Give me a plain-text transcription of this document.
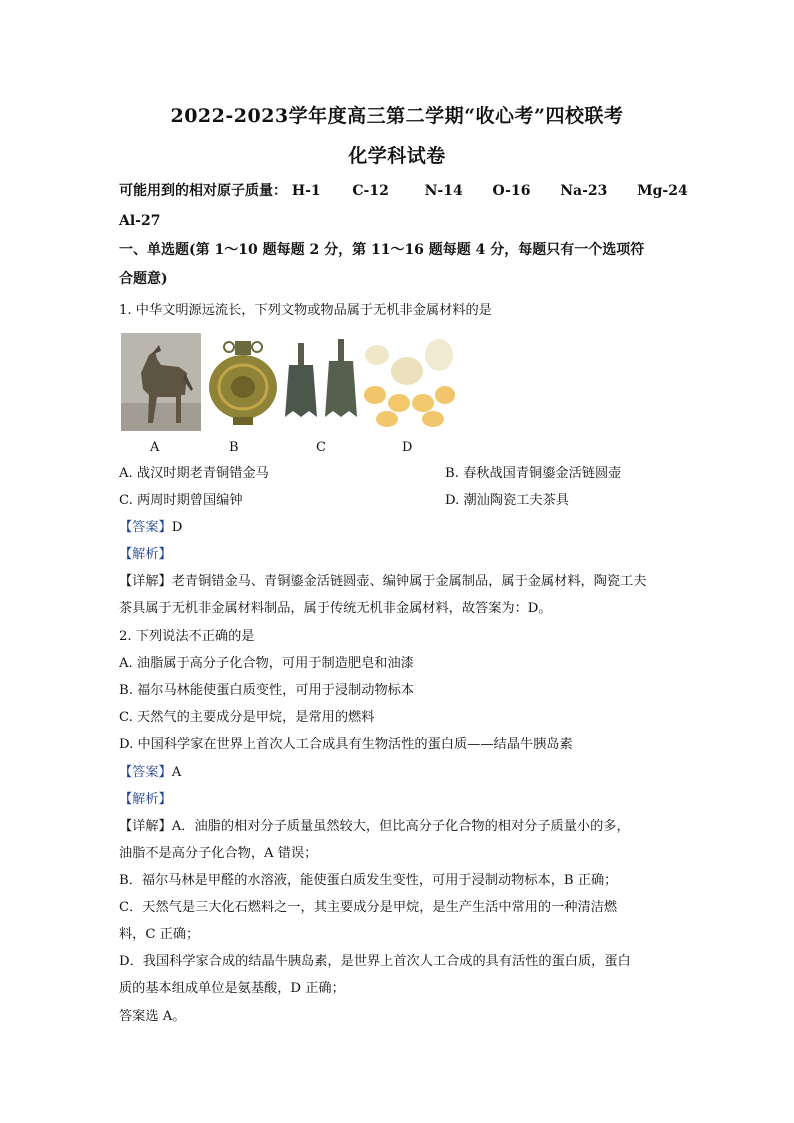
2022-2023学年度高三第二学期“收心考”四校联考
化学科试卷
可能用到的相对原子质量： H-1 C-12	N-14 O-16 Na-23 Mg-24
Al-27
一、单选题(第 1～10 题每题 2 分，第 11～16 题每题 4 分，每题只有一个选项符
合题意)
1. 中华文明源远流长，下列文物或物品属于无机非金属材料的是
A	B	C	D
A. 战汉时期老青铜错金马	B. 春秋战国青铜鎏金活链圆壶
C. 两周时期曾国编钟	D. 潮汕陶瓷工夫茶具
【答案】D
【解析】
【详解】老青铜错金马、青铜鎏金活链圆壶、编钟属于金属制品，属于金属材料，陶瓷工夫
茶具属于无机非金属材料制品，属于传统无机非金属材料，故答案为：D。
2. 下列说法不正确的是
A. 油脂属于高分子化合物，可用于制造肥皂和油漆
B. 福尔马林能使蛋白质变性，可用于浸制动物标本
C. 天然气的主要成分是甲烷，是常用的燃料
D. 中国科学家在世界上首次人工合成具有生物活性的蛋白质——结晶牛胰岛素
【答案】A
【解析】
【详解】A．油脂的相对分子质量虽然较大，但比高分子化合物的相对分子质量小的多，
油脂不是高分子化合物，A 错误；
B．福尔马林是甲醛的水溶液，能使蛋白质发生变性，可用于浸制动物标本，B 正确；
C．天然气是三大化石燃料之一，其主要成分是甲烷，是生产生活中常用的一种清洁燃
料，C 正确；
D．我国科学家合成的结晶牛胰岛素，是世界上首次人工合成的具有活性的蛋白质，蛋白
质的基本组成单位是氨基酸，D 正确；
答案选 A。
